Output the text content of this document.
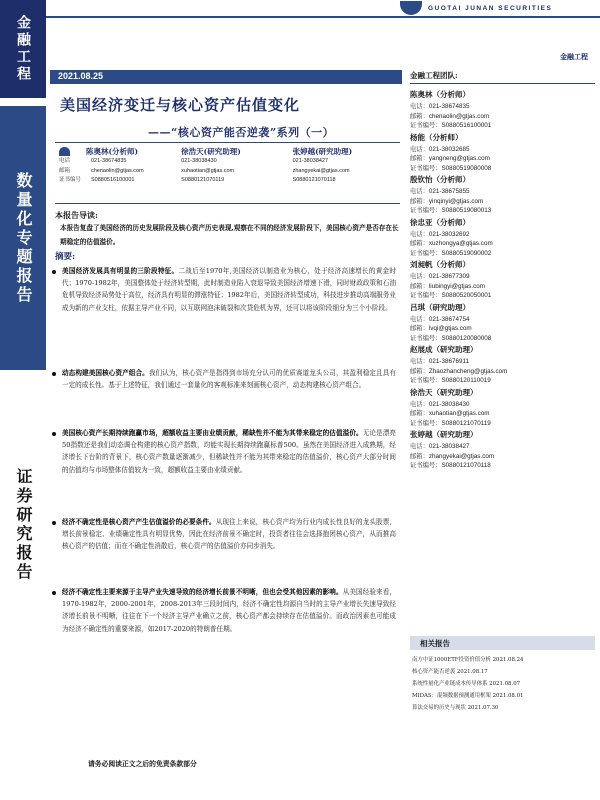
金融工程
数量化专题报告
证券研究报告
GUOTAI JUNAN SECURITIES
金融工程
2021.08.25
美国经济变迁与核心资产估值变化
——“核心资产能否逆袭”系列（一）
陈奥林(分析师)
电话	021-38674835
邮箱	chenaolin@gtjas.com
证书编号	S0880516100001
徐浩天(研究助理)
021-38038430
xuhaotian@gtjas.com
S0880121070119
张婷越(研究助理)
021-38038427
zhangyekai@gtjas.com
S0880121070118
本报告导读:
本报告复盘了美国经济的历史发展阶段及核心资产历史表现,观察在不同的经济发展阶段下，美国核心资产是否存在长期稳定的估值溢价。
摘要:
美国经济发展具有明显的三阶段特征。二战后至1970年,美国经济以制造业为核心，处于经济高速增长的黄金时代；1970-1982年，美国整体处于经济转型期，此时制造业陷入衰退导致美国经济增速下滑，同时财政政策和石油危机导致经济局势处于高位，经济具有明显的滞涨特征；1982年后，美国经济转型成功，科技进步推动高端服务业成为新的产业支柱，依据主导产业不同，以互联网泡沫破裂和次贷危机为界，还可以将该阶段细分为三个小阶段。
动态构建美国核心资产组合。我们认为，核心资产是指得到市场充分认可的优质赛道龙头公司，其盈利稳定且具有一定的成长性。基于上述特征，我们通过一套量化的客观标准来刻画核心资产，动态构建核心资产组合。
美国核心资产长期持续跑赢市场，超额收益主要由业绩贡献，稀缺性并不能为其带来稳定的估值溢价。无论是漂亮50指数还是我们动态调仓构建的核心资产指数，均能实现长期持续跑赢标普500。虽然在美国经济进入成熟期，经济增长下台阶的背景下，核心资产数量逐渐减少，但稀缺性并不能为其带来稳定的估值溢价，核心资产大部分时间的估值均与市场整体估值较为一致，超额收益主要由业绩贡献。
经济不确定性是核心资产产生估值溢价的必要条件。从现往上来说，核心资产均为行业内成长性良好的龙头股票，增长前景稳定、业绩确定性具有明显优势，因此在经济前景不确定时，投资者往往会选择抱团核心资产，从而推高核心资产的估值；而在不确定性消散后，核心资产的估值溢价亦同步消失。
经济不确定性主要来源于主导产业失速导致的经济增长前景不明晰，但也会受其他因素的影响。从美国经验来看，1970-1982年，2000-2001年，2008-2013年三段时间内，经济不确定性均源自当时的主导产业增长失速导致经济增长前景不明晰，往往在下一个经济主导产业确立之前，核心资产都会持续存在估值溢价。而政治因素也可能成为经济不确定性的重要来源，如2017-2020的特朗普任期。
金融工程团队:
陈奥林（分析师）
电话：021-38674835
邮箱：chenaolin@gtjas.com
证书编号：S0880516100001
杨能（分析师）
电话：021-38032685
邮箱：yangneng@gtjas.com
证书编号：S0880519080008
殷钦怡（分析师）
电话：021-38675855
邮箱：yinqinyi@gtjas.com
证书编号：S0880519080013
徐忠亚（分析师）
电话：021-38032692
邮箱：xuzhongya@gtjas.com
证书编号：S0880519090002
刘昶帆（分析师）
电话：021-38677309
邮箱：liubingyi@gtjas.com
证书编号：S0880520050001
吕琪（研究助理）
电话：021-38674754
邮箱：lvqi@gtjas.com
证书编号：S0880120080008
赵展成（研究助理）
电话：021-38676911
邮箱：Zhaozhancheng@gtjas.com
证书编号：S0880120110019
徐浩天（研究助理）
电话：021-38038430
邮箱：xuhaotian@gtjas.com
证书编号：S0880121070119
张婷越（研究助理）
电话：021-38038427
邮箱：zhangyekai@gtjas.com
证书编号：S0880121070118
相关报告
南方中证1000ETF投资价值分析 2021.08.24
核心资产能否逆袭 2021.08.17
系统性量化产业链成本传导体系 2021.08.07
MIDAS：混频数据预测通用框架 2021.08.01
算法交易的历史与现状 2021.07.30
请务必阅读正文之后的免责条款部分
